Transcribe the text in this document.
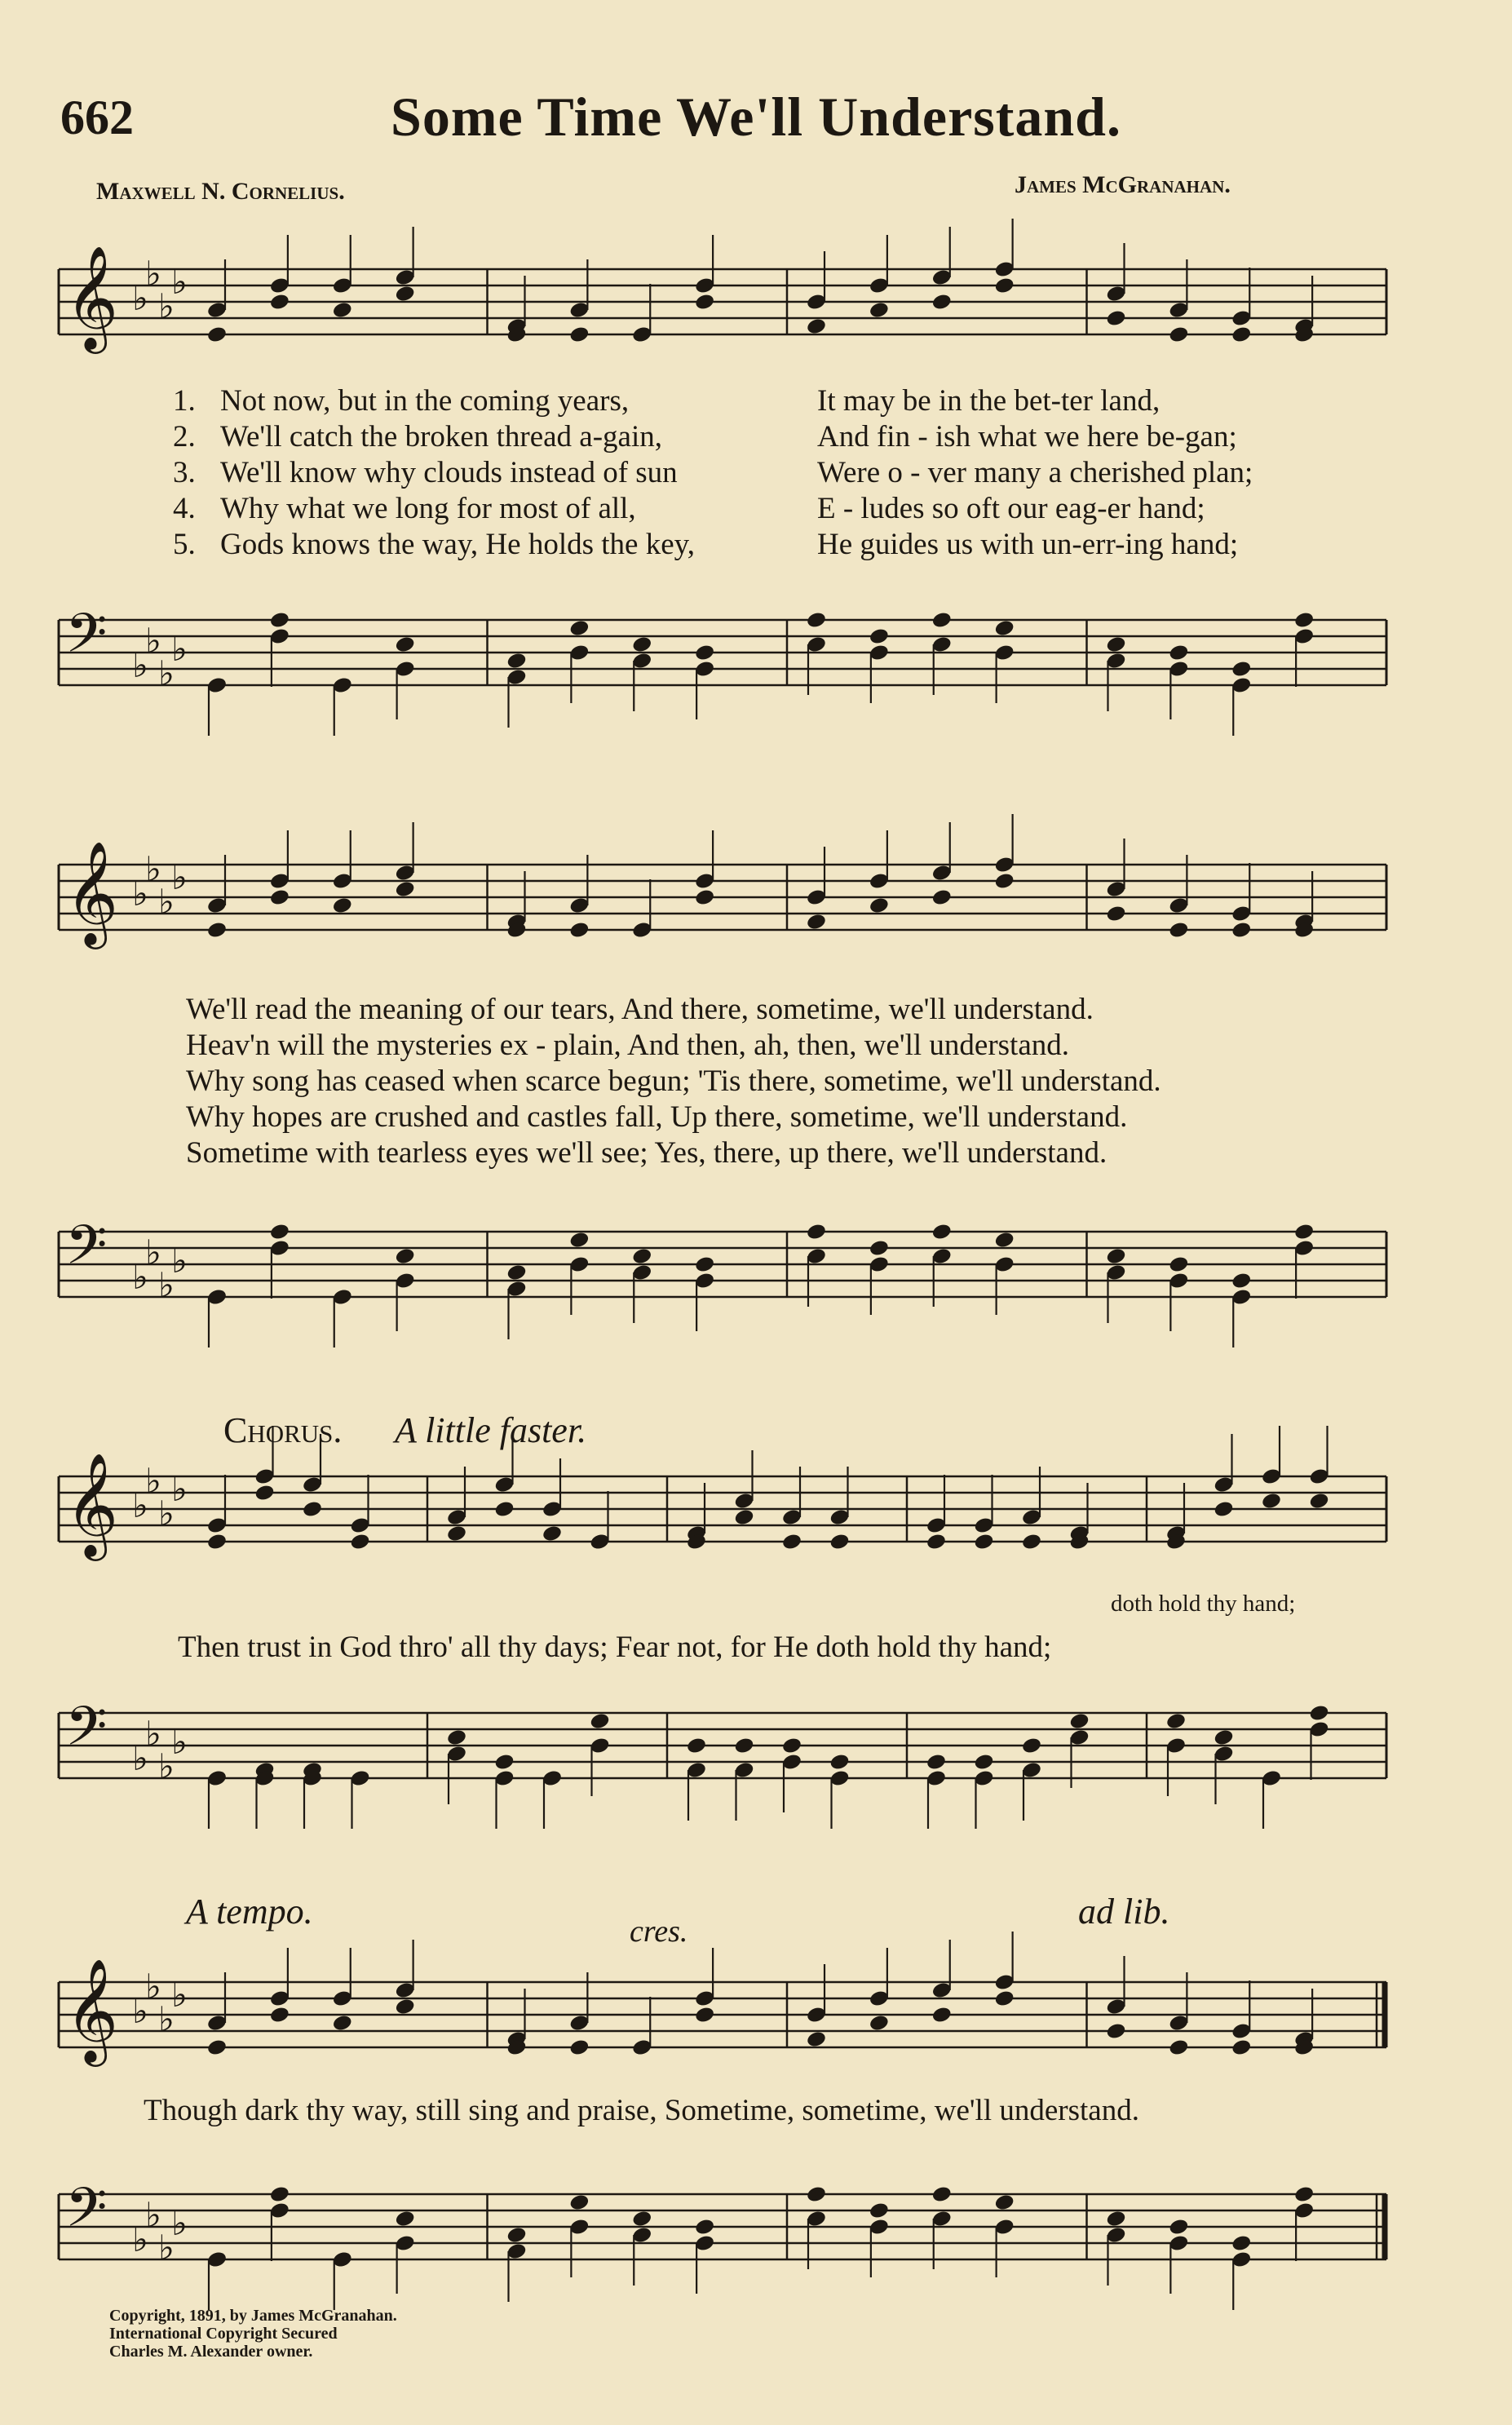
662	Some Time We'll Understand.
Maxwell N. Cornelius.	James McGranahan.
𝄞 ♭
♭
♭
♭
1. Not now, but in the coming years,	It may be in the bet-ter land,
2. We'll catch the broken thread a-gain,	And fin - ish what we here be-gan;
3. We'll know why clouds instead of sun	Were o - ver many a cherished plan;
4. Why what we long for most of all,	E - ludes so oft our eag-er hand;
5. Gods knows the way, He holds the key,	He guides us with un-err-ing hand;
𝄢 ♭
♭
♭
♭
𝄞 ♭
♭
♭
♭
We'll read the meaning of our tears, And there, sometime, we'll understand.
Heav'n will the mysteries ex - plain, And then, ah, then, we'll understand.
Why song has ceased when scarce begun; 'Tis there, sometime, we'll understand.
Why hopes are crushed and castles fall, Up there, sometime, we'll understand.
Sometime with tearless eyes we'll see; Yes, there, up there, we'll understand.
𝄢 ♭
♭
♭
♭
Chorus. A little faster.
𝄞 ♭
♭
♭
♭
doth hold thy hand;
Then trust in God thro' all thy days; Fear not, for He doth hold thy hand;
𝄢 ♭
♭
♭
♭
A tempo.	cres.	ad lib.
𝄞 ♭
♭
♭
♭
Though dark thy way, still sing and praise, Sometime, sometime, we'll understand.
𝄢 ♭
♭
♭
♭
Copyright, 1891, by James McGranahan.
International Copyright Secured
Charles M. Alexander owner.
